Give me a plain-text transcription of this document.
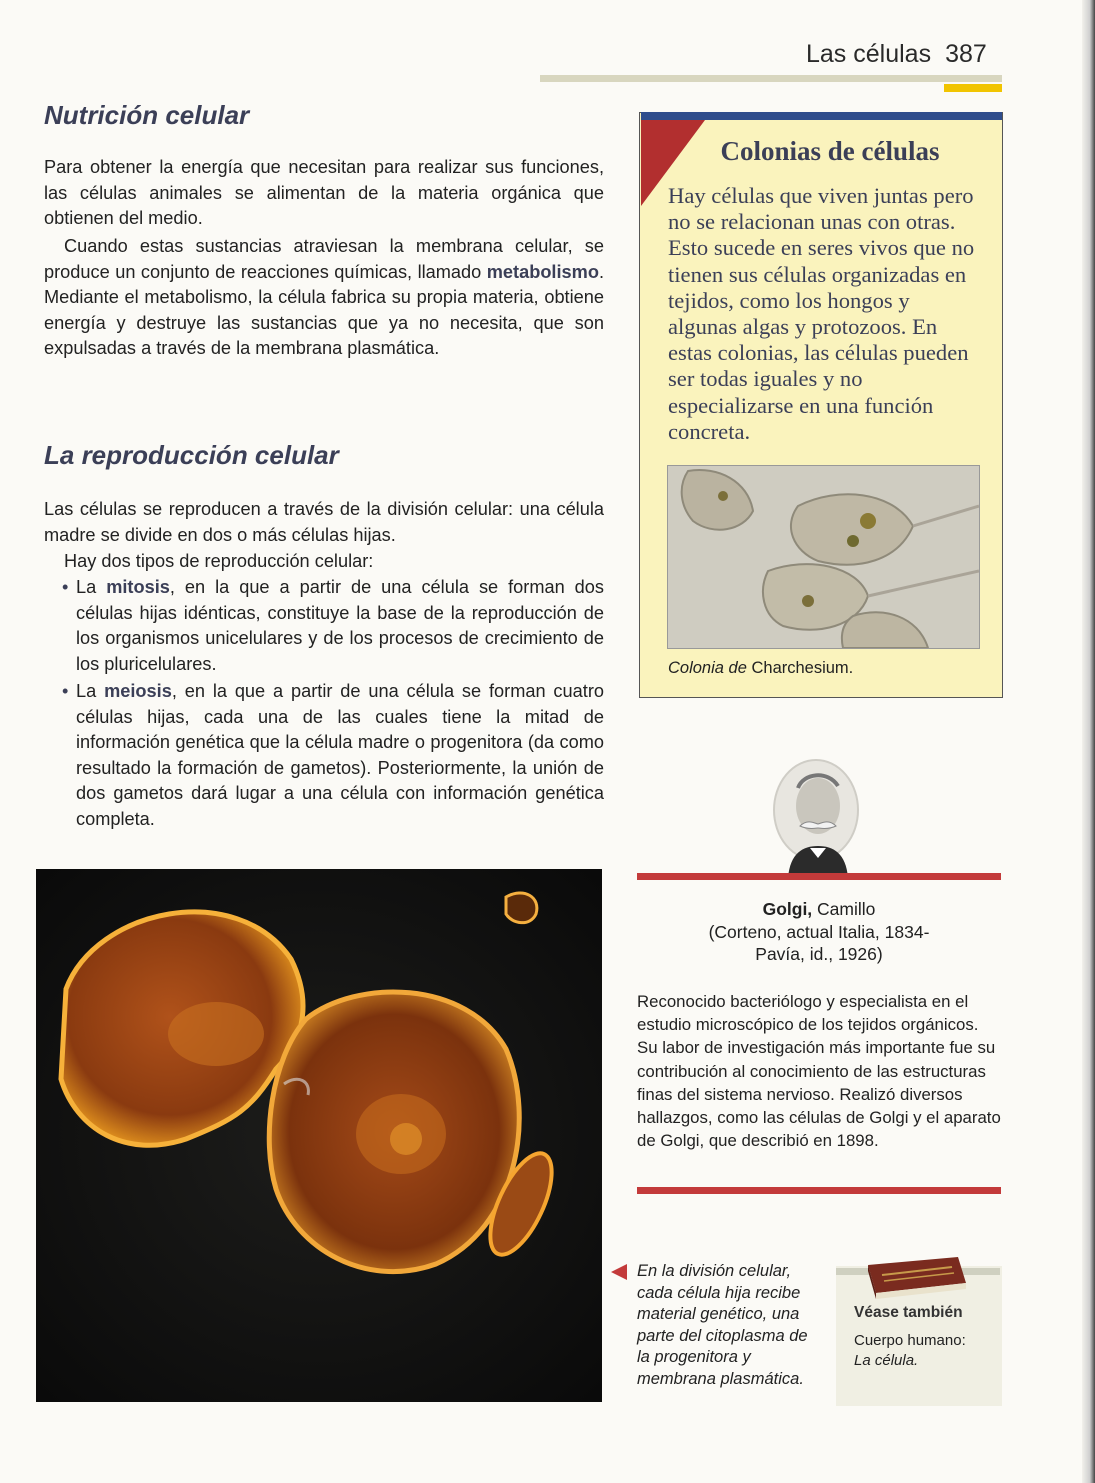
Las células 387
Nutrición celular

Para obtener la energía que necesitan para realizar sus funciones, las células animales se alimentan de la materia orgánica que obtienen del medio.

Cuando estas sustancias atraviesan la membrana celular, se produce un conjunto de reacciones químicas, llamado metabolismo. Mediante el metabolismo, la célula fabrica su propia materia, obtiene energía y destruye las sustancias que ya no necesita, que son expulsadas a través de la membrana plasmática.

La reproducción celular

Las células se reproducen a través de la división celular: una célula madre se divide en dos o más células hijas.

Hay dos tipos de reproducción celular:

• La mitosis, en la que a partir de una célula se forman dos células hijas idénticas, constituye la base de la reproducción de los organismos unicelulares y de los procesos de crecimiento de los pluricelulares.
• La meiosis, en la que a partir de una célula se forman cuatro células hijas, cada una de las cuales tiene la mitad de información genética que la célula madre o progenitora (da como resultado la formación de gametos). Posteriormente, la unión de dos gametos dará lugar a una célula con información genética completa.
Colonias de células

Hay células que viven juntas pero no se relacionan unas con otras. Esto sucede en seres vivos que no tienen sus células organizadas en tejidos, como los hongos y algunas algas y protozoos. En estas colonias, las células pueden ser todas iguales y no especializarse en una función concreta.

Colonia de Charchesium.
Golgi, Camillo
(Corteno, actual Italia, 1834-
Pavía, id., 1926)

Reconocido bacteriólogo y especialista en el estudio microscópico de los tejidos orgánicos. Su labor de investigación más importante fue su contribución al conocimiento de las estructuras finas del sistema nervioso. Realizó diversos hallazgos, como las células de Golgi y el aparato de Golgi, que describió en 1898.

En la división celular, cada célula hija recibe material genético, una parte del citoplasma de la progenitora y membrana plasmática.
Véase también
Cuerpo humano:
La célula.
